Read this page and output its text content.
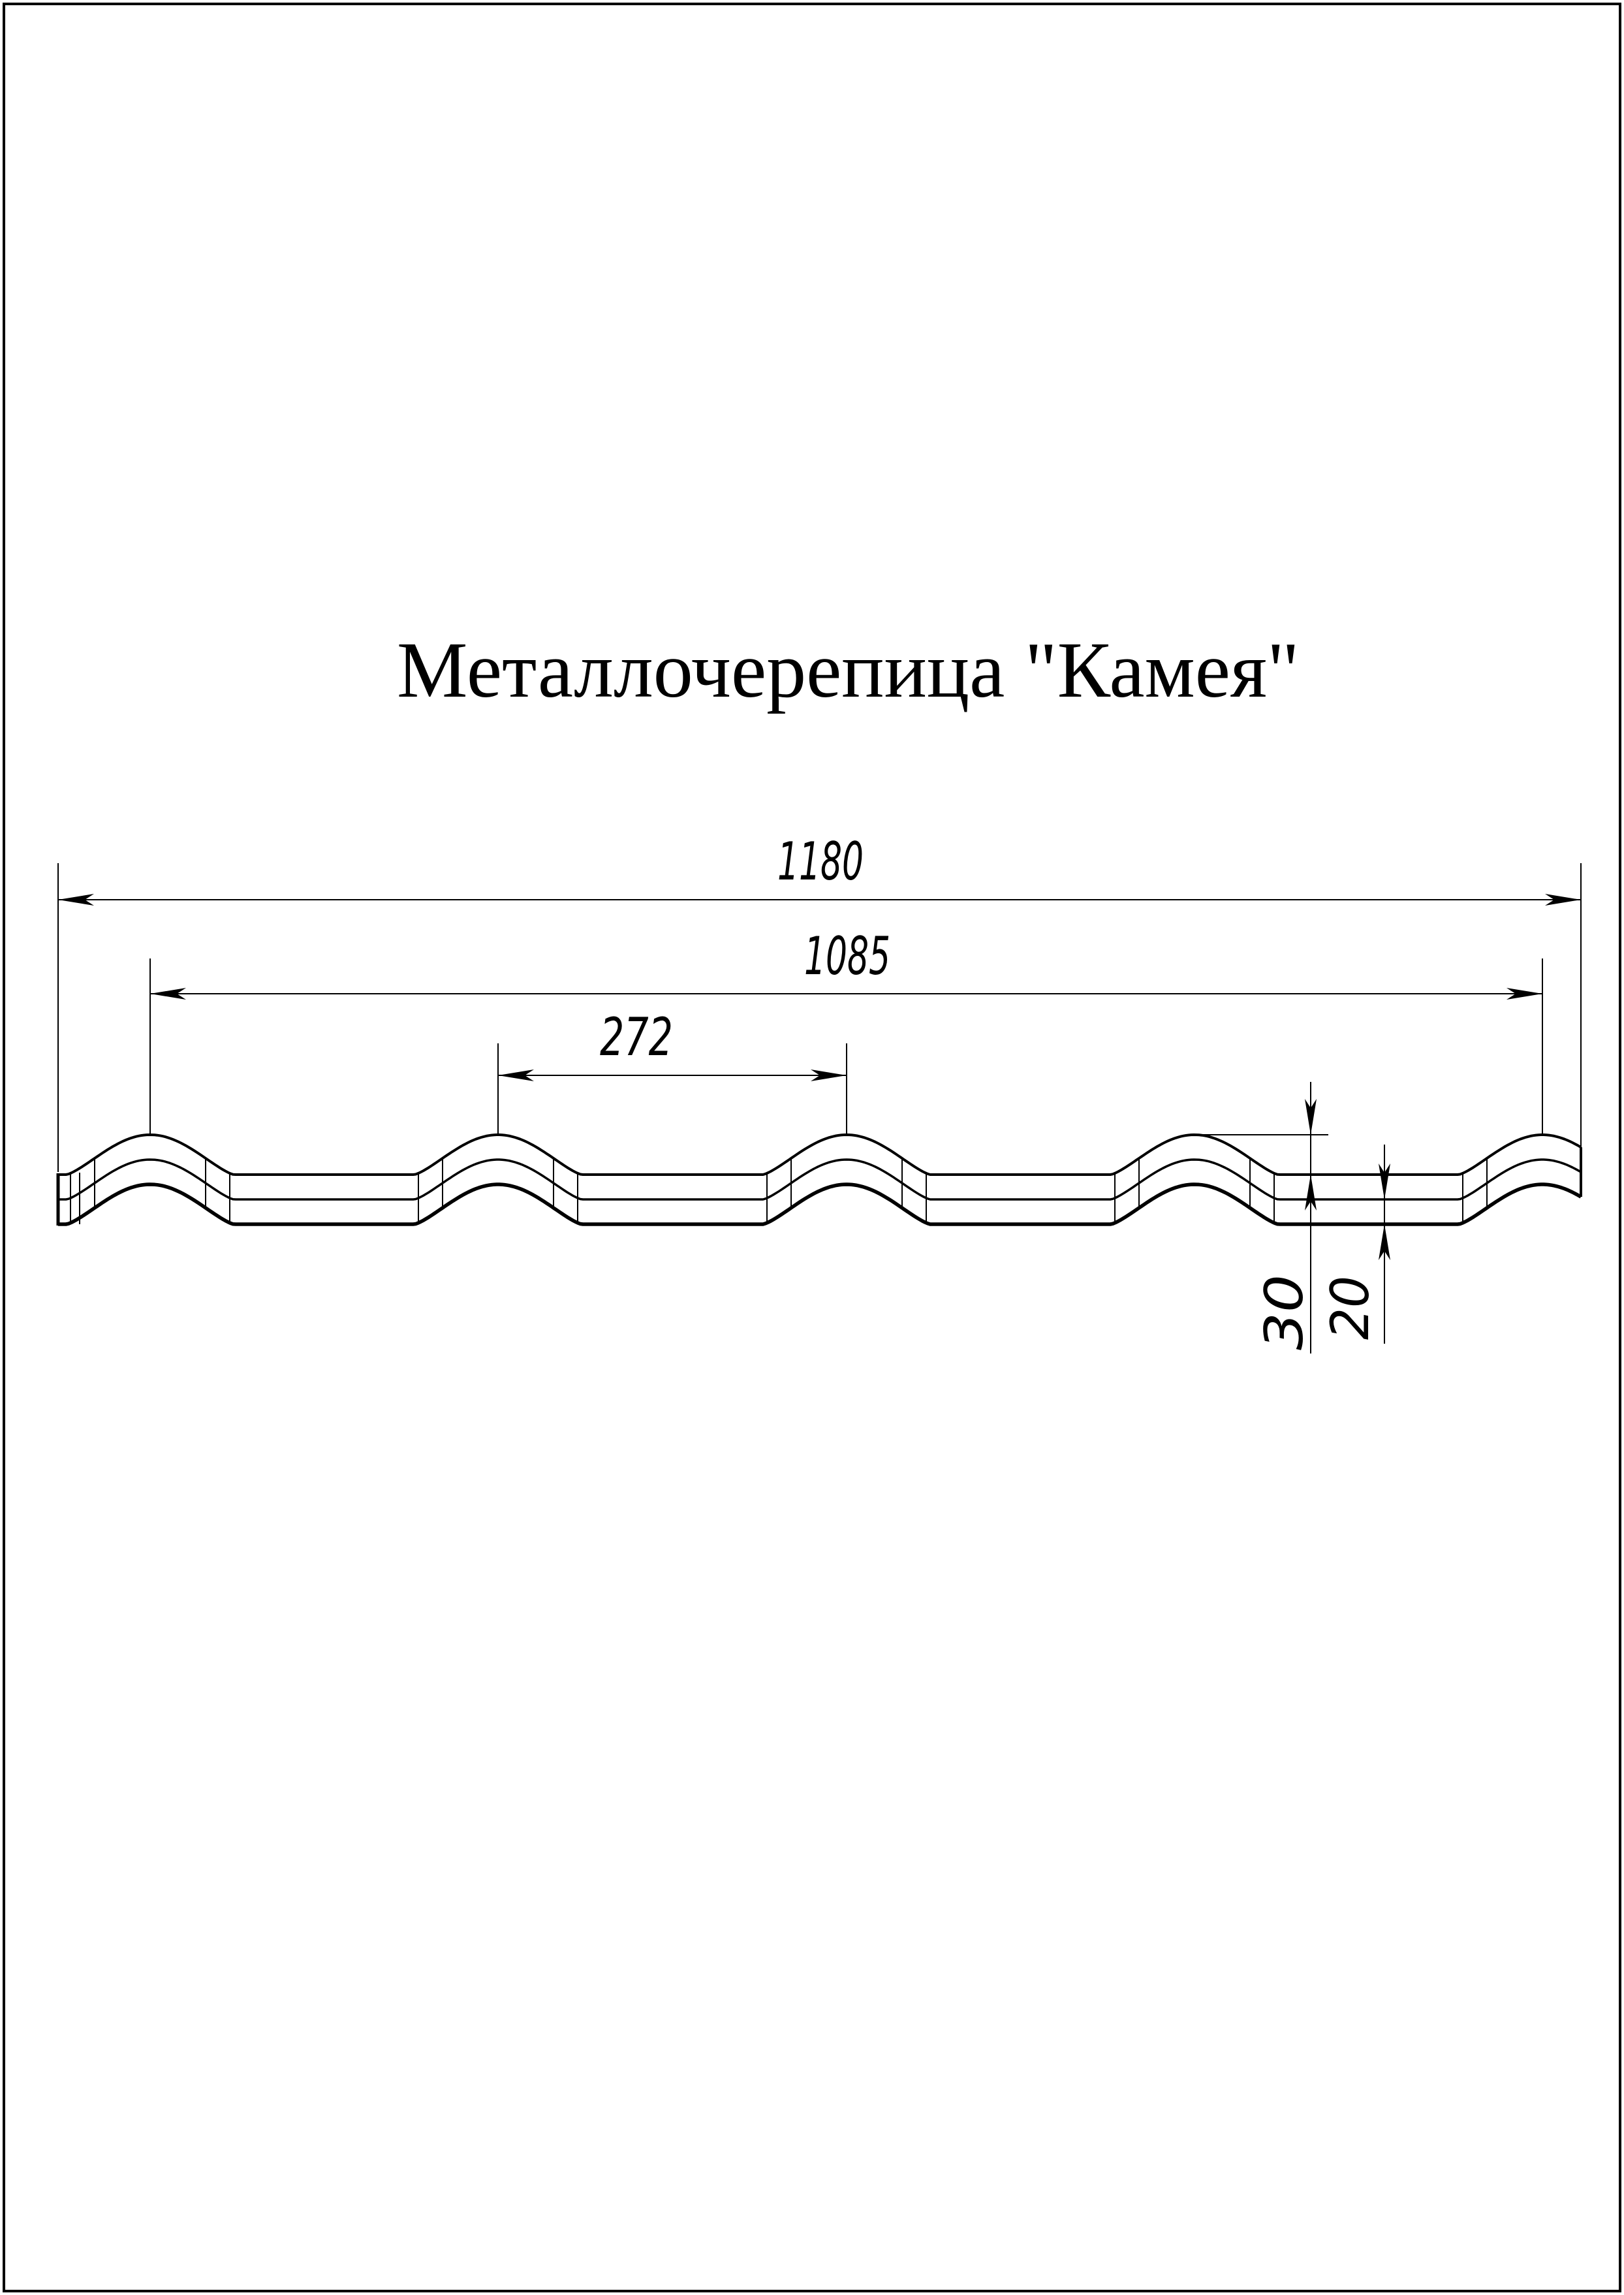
1180
1085
272
30 20
Металлочерепица "Камея"
